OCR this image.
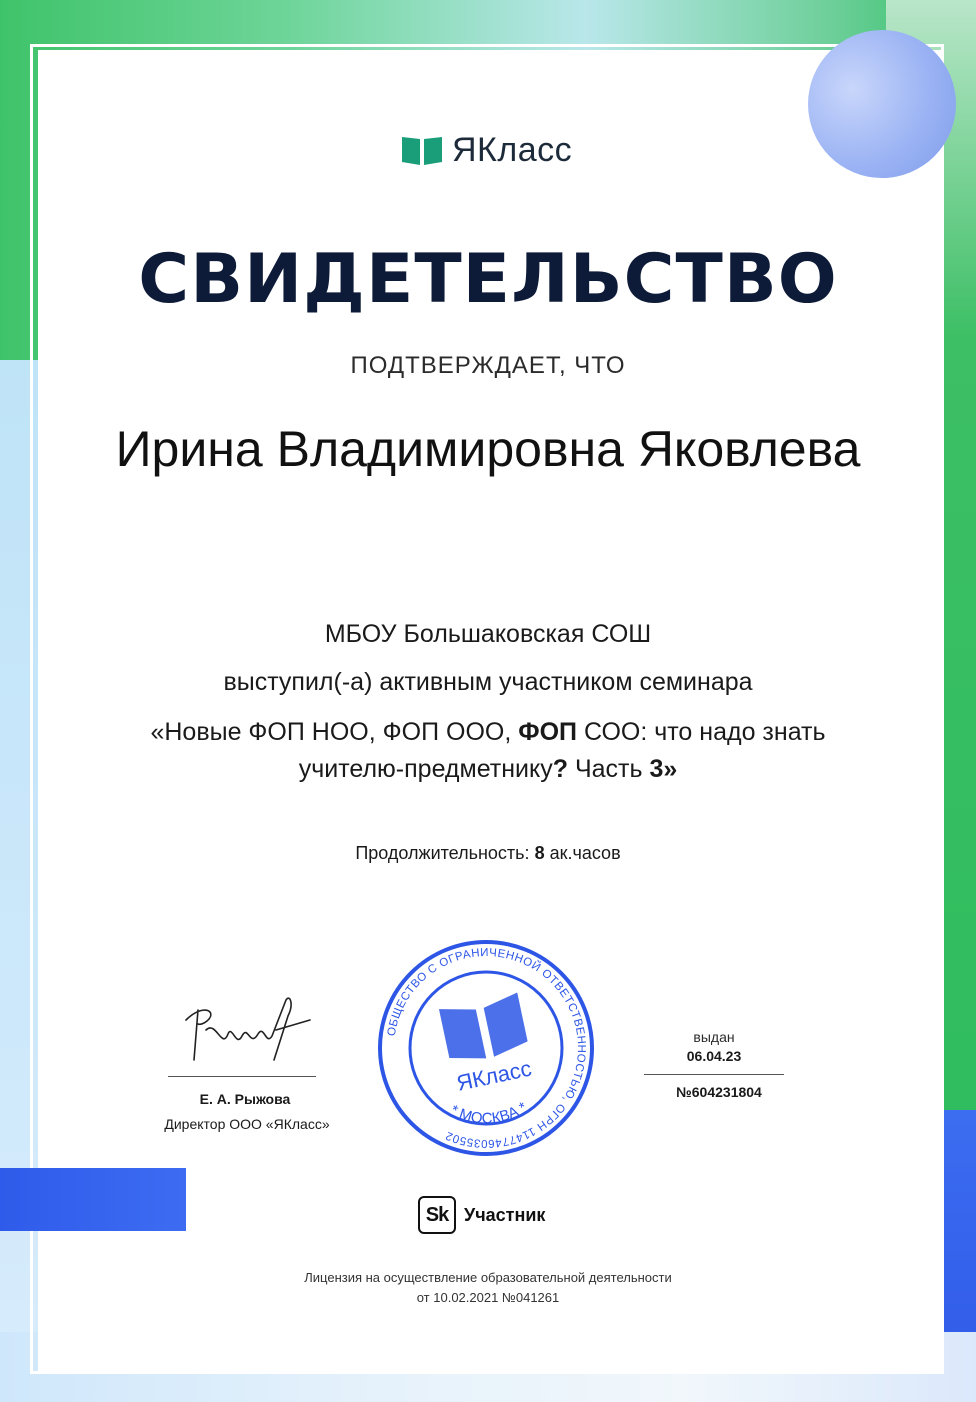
ЯКласс
СВИДЕТЕЛЬСТВО
ПОДТВЕРЖДАЕТ, ЧТО
Ирина Владимировна Яковлева
МБОУ Большаковская СОШ
выступил(-а) активным участником семинара
«Новые ФОП НОО, ФОП ООО, ФОП СОО: что надо знать учителю-предметнику? Часть 3»
Продолжительность: 8 ак.часов
Е. А. Рыжова
Директор ООО «ЯКласс»
ОБЩЕСТВО С ОГРАНИЧЕННОЙ ОТВЕТСТВЕННОСТЬЮ, ОГРН 1147746035502
* МОСКВА *
ЯКласс
выдан
06.04.23
№604231804
Sk Участник
Лицензия на осуществление образовательной деятельности
от 10.02.2021 №041261
